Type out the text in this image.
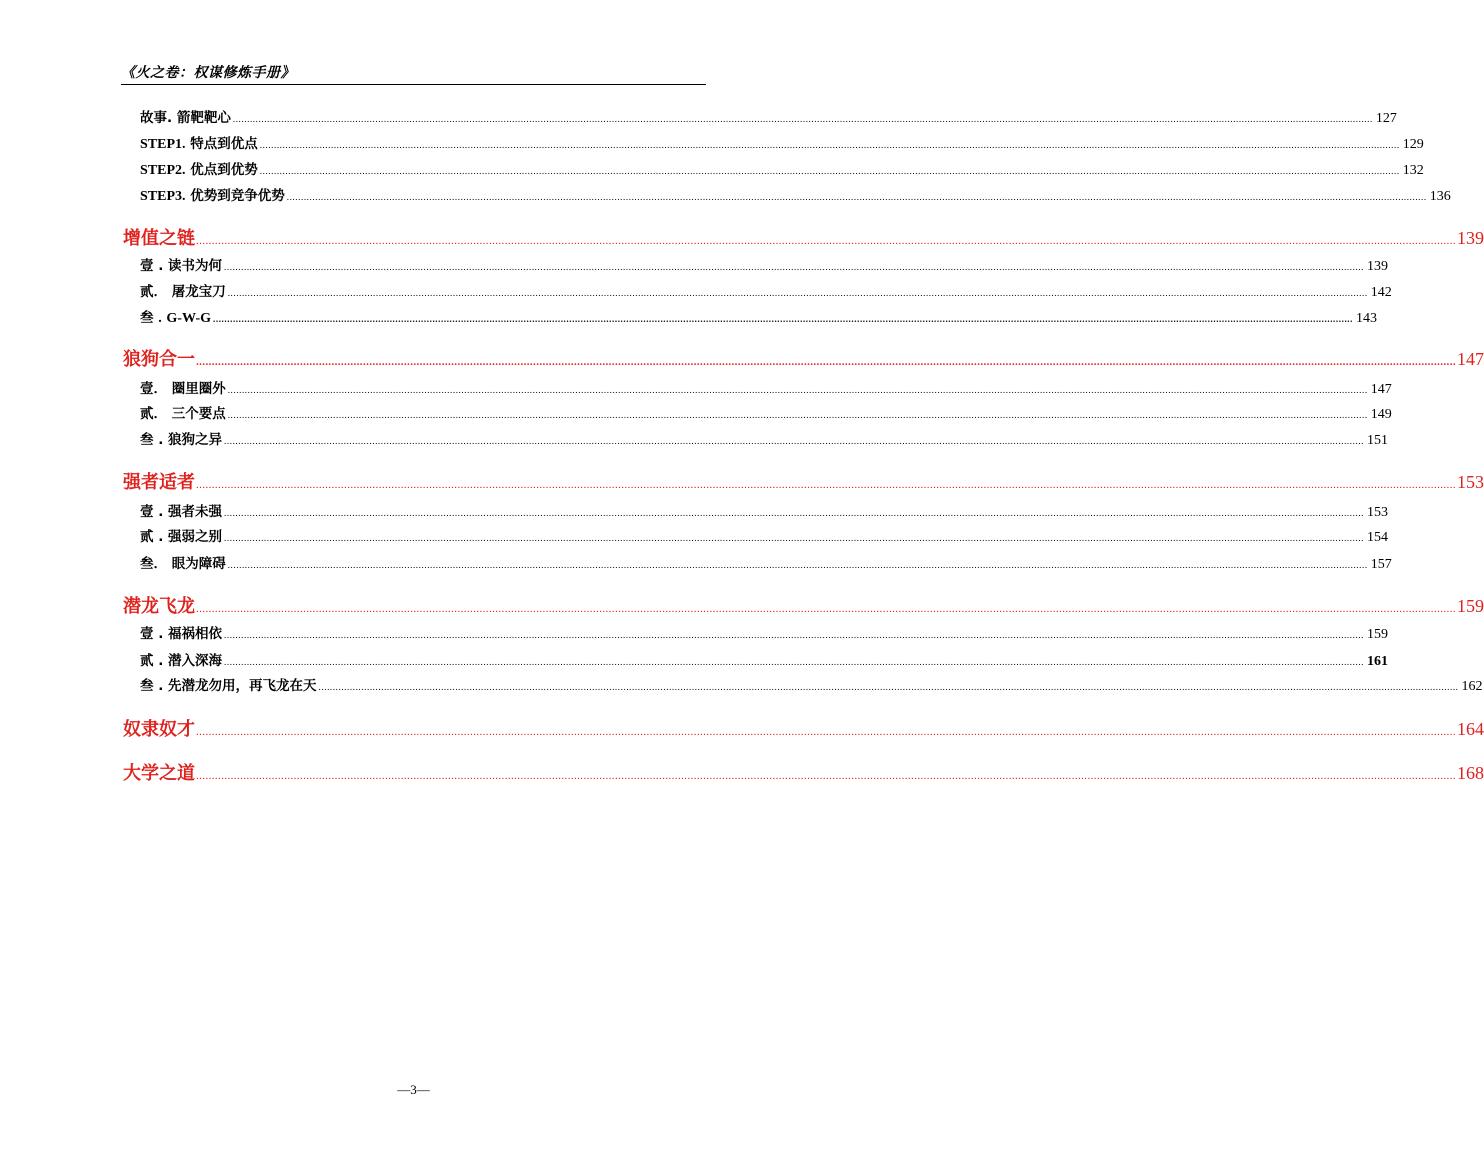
《火之卷：权谋修炼手册》
故事. 箭靶靶心 ................................................................................................................................................................................................................................................................................................................................................................................................................ 127
STEP1. 特点到优点 ................................................................................................................................................................................................................................................................................................................................................................................................................ 129
STEP2. 优点到优势 ................................................................................................................................................................................................................................................................................................................................................................................................................ 132
STEP3. 优势到竞争优势 ................................................................................................................................................................................................................................................................................................................................................................................................................ 136
增值之链 ................................................................................................................................................................................................................................................................................................................................................................................................................ 139
壹 . 读书为何 ................................................................................................................................................................................................................................................................................................................................................................................................................ 139
贰． 屠龙宝刀 ................................................................................................................................................................................................................................................................................................................................................................................................................ 142
叁 . G-W-G ................................................................................................................................................................................................................................................................................................................................................................................................................ 143
狼狗合一 ................................................................................................................................................................................................................................................................................................................................................................................................................ 147
壹． 圈里圈外 ................................................................................................................................................................................................................................................................................................................................................................................................................ 147
贰． 三个要点 ................................................................................................................................................................................................................................................................................................................................................................................................................ 149
叁 . 狼狗之异 ................................................................................................................................................................................................................................................................................................................................................................................................................ 151
强者适者 ................................................................................................................................................................................................................................................................................................................................................................................................................ 153
壹 . 强者未强 ................................................................................................................................................................................................................................................................................................................................................................................................................ 153
贰 . 强弱之别 ................................................................................................................................................................................................................................................................................................................................................................................................................ 154
叁． 眼为障碍 ................................................................................................................................................................................................................................................................................................................................................................................................................ 157
潜龙飞龙 ................................................................................................................................................................................................................................................................................................................................................................................................................ 159
壹 . 福祸相依 ................................................................................................................................................................................................................................................................................................................................................................................................................ 159
贰 . 潜入深海 ................................................................................................................................................................................................................................................................................................................................................................................................................ 161
叁 . 先潜龙勿用，再飞龙在天 ................................................................................................................................................................................................................................................................................................................................................................................................................ 162
奴隶奴才 ................................................................................................................................................................................................................................................................................................................................................................................................................ 164
大学之道 ................................................................................................................................................................................................................................................................................................................................................................................................................ 168
—3—
